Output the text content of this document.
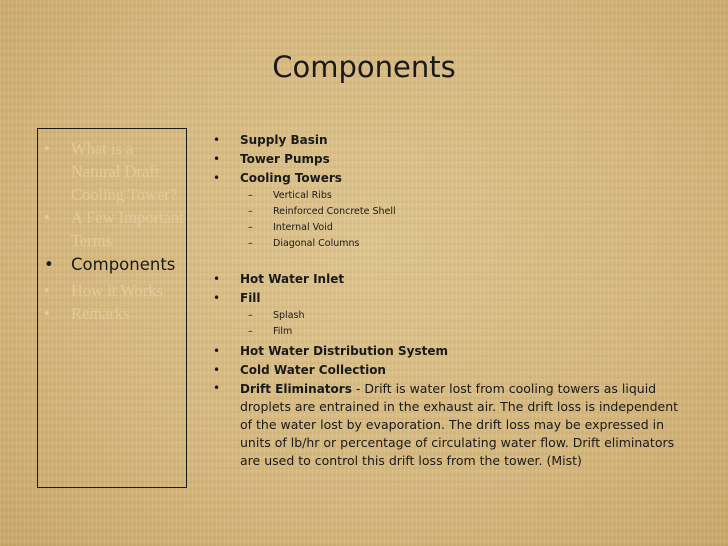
Components
• What is a Natural Draft Cooling Tower?
• A Few Important Terms
• Components
• How it Works
• Remarks
• Supply Basin
• Tower Pumps
• Cooling Towers
– Vertical Ribs
– Reinforced Concrete Shell
– Internal Void
– Diagonal Columns
• Hot Water Inlet
• Fill
– Splash
– Film
• Hot Water Distribution System
• Cold Water Collection
• Drift Eliminators - Drift is water lost from cooling towers as liquid droplets are entrained in the exhaust air. The drift loss is independent of the water lost by evaporation. The drift loss may be expressed in units of lb/hr or percentage of circulating water flow. Drift eliminators are used to control this drift loss from the tower. (Mist)
